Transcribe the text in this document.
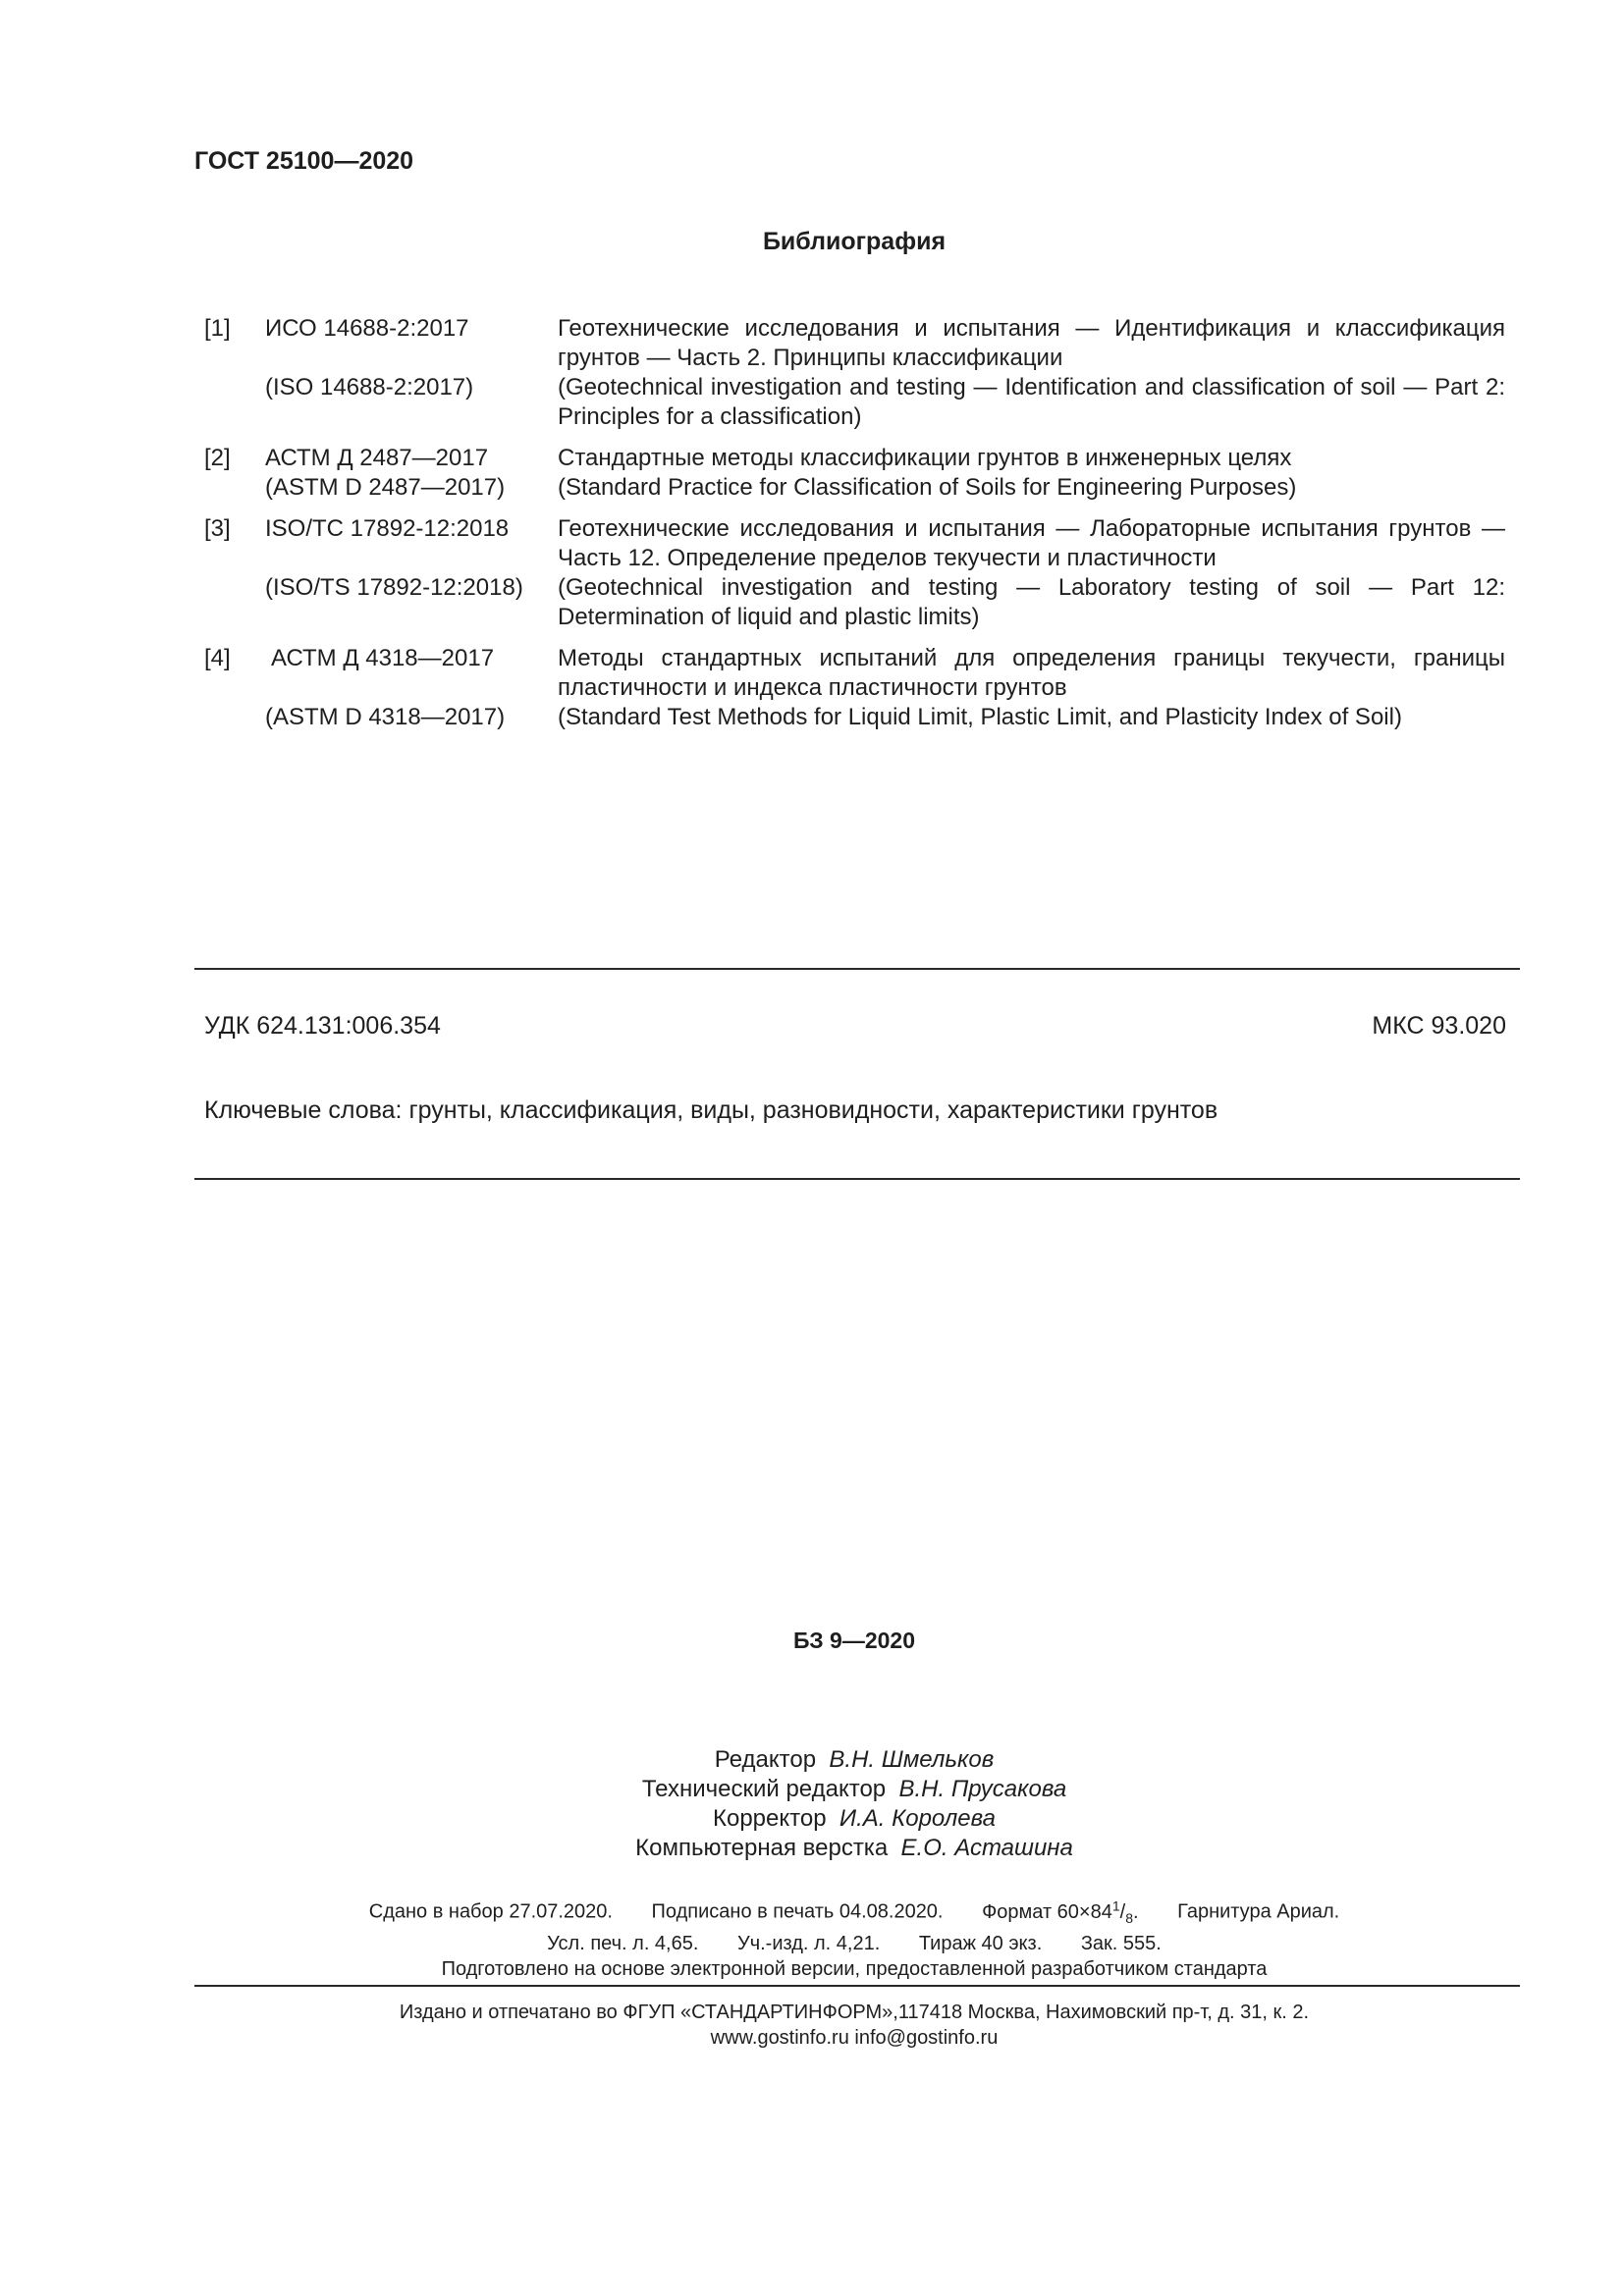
ГОСТ 25100—2020
Библиография
[1]	ИСО 14688-2:2017	Геотехнические исследования и испытания — Идентификация и классификация грунтов — Часть 2. Принципы классификации
(ISO 14688-2:2017)	(Geotechnical investigation and testing — Identification and classification of soil — Part 2: Principles for a classification)
[2]	АСТМ Д 2487—2017	Стандартные методы классификации грунтов в инженерных целях
(ASTM D 2487—2017)	(Standard Practice for Classification of Soils for Engineering Purposes)
[3]	ISO/TC 17892-12:2018	Геотехнические исследования и испытания — Лабораторные испытания грунтов — Часть 12. Определение пределов текучести и пластичности
(ISO/TS 17892-12:2018)	(Geotechnical investigation and testing — Laboratory testing of soil — Part 12: Determination of liquid and plastic limits)
[4]	АСТМ Д 4318—2017	Методы стандартных испытаний для определения границы текучести, границы пластичности и индекса пластичности грунтов
(ASTM D 4318—2017)	(Standard Test Methods for Liquid Limit, Plastic Limit, and Plasticity Index of Soil)
УДК 624.131:006.354	МКС 93.020
Ключевые слова: грунты, классификация, виды, разновидности, характеристики грунтов
БЗ 9—2020
Редактор В.Н. Шмельков
Технический редактор В.Н. Прусакова
Корректор И.А. Королева
Компьютерная верстка Е.О. Асташина
Сдано в набор 27.07.2020. Подписано в печать 04.08.2020. Формат $60\times 84^1/_8$. Гарнитура Ариал.
Усл. печ. л. 4,65. Уч.-изд. л. 4,21. Тираж 40 экз. Зак. 555.
Подготовлено на основе электронной версии, предоставленной разработчиком стандарта
Издано и отпечатано во ФГУП «СТАНДАРТИНФОРМ»,117418 Москва, Нахимовский пр-т, д. 31, к. 2.
www.gostinfo.ru info@gostinfo.ru
